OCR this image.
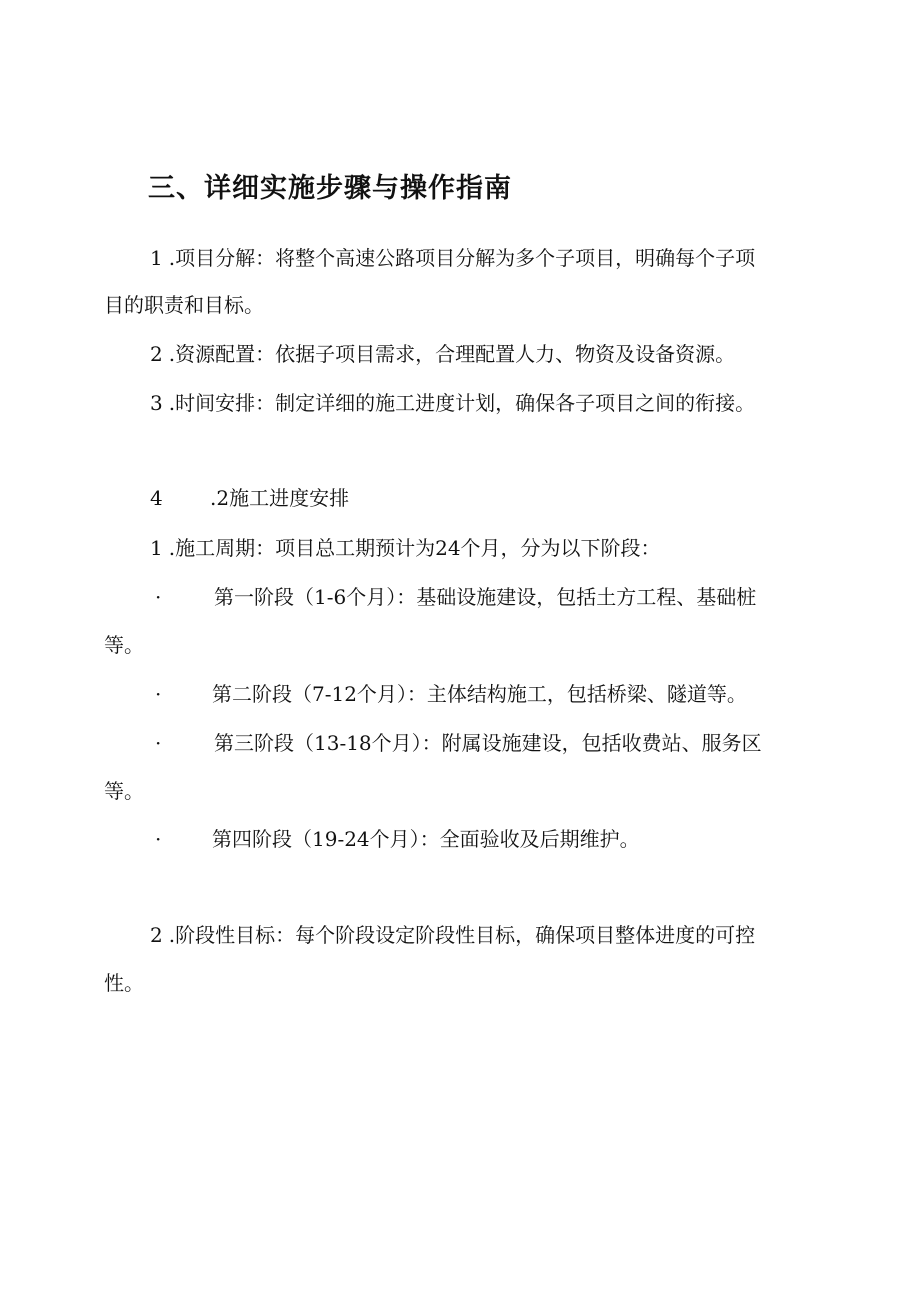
三、详细实施步骤与操作指南
1 .项目分解：将整个高速公路项目分解为多个子项目，明确每个子项
目的职责和目标。
2 .资源配置：依据子项目需求，合理配置人力、物资及设备资源。
3 .时间安排：制定详细的施工进度计划，确保各子项目之间的衔接。
4 .2施工进度安排
1 .施工周期：项目总工期预计为24个月，分为以下阶段：
·	第一阶段（1-6个月）：基础设施建设，包括土方工程、基础桩
等。
·	第二阶段（7-12个月）：主体结构施工，包括桥梁、隧道等。
·	第三阶段（13-18个月）：附属设施建设，包括收费站、服务区
等。
·	第四阶段（19-24个月）：全面验收及后期维护。
2 .阶段性目标：每个阶段设定阶段性目标，确保项目整体进度的可控
性。
